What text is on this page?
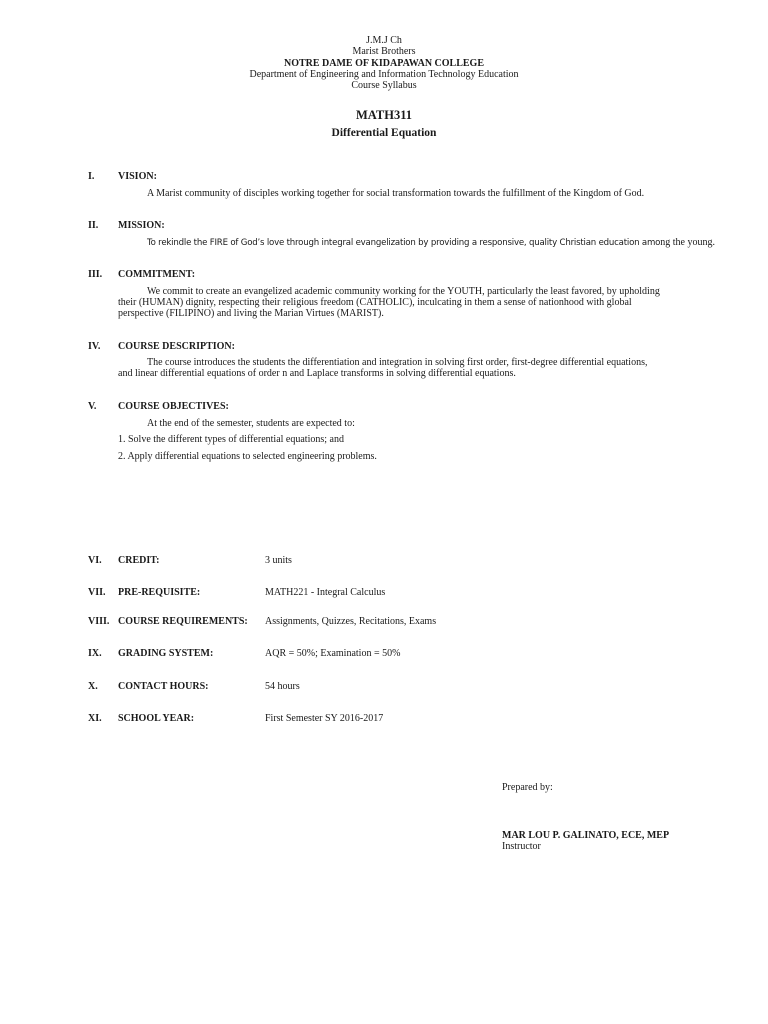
J.M.J Ch
Marist Brothers
NOTRE DAME OF KIDAPAWAN COLLEGE
Department of Engineering and Information Technology Education
Course Syllabus
MATH311
Differential Equation
I. VISION:
A Marist community of disciples working together for social transformation towards the fulfillment of the Kingdom of God.
II. MISSION:
To rekindle the FIRE of God’s love through integral evangelization by providing a responsive, quality Christian education among the young.
III. COMMITMENT:
We commit to create an evangelized academic community working for the YOUTH, particularly the least favored, by upholding their (HUMAN) dignity, respecting their religious freedom (CATHOLIC), inculcating in them a sense of nationhood with global perspective (FILIPINO) and living the Marian Virtues (MARIST).
IV. COURSE DESCRIPTION:
The course introduces the students the differentiation and integration in solving first order, first-degree differential equations, and linear differential equations of order n and Laplace transforms in solving differential equations.
V. COURSE OBJECTIVES:
At the end of the semester, students are expected to:
1. Solve the different types of differential equations; and
2. Apply differential equations to selected engineering problems.
VI. CREDIT:	3 units
VII. PRE-REQUISITE:	MATH221 - Integral Calculus
VIII. COURSE REQUIREMENTS: Assignments, Quizzes, Recitations, Exams
IX. GRADING SYSTEM:	AQR = 50%; Examination = 50%
X. CONTACT HOURS:	54 hours
XI. SCHOOL YEAR:	First Semester SY 2016-2017
Prepared by:
MAR LOU P. GALINATO, ECE, MEP
Instructor
